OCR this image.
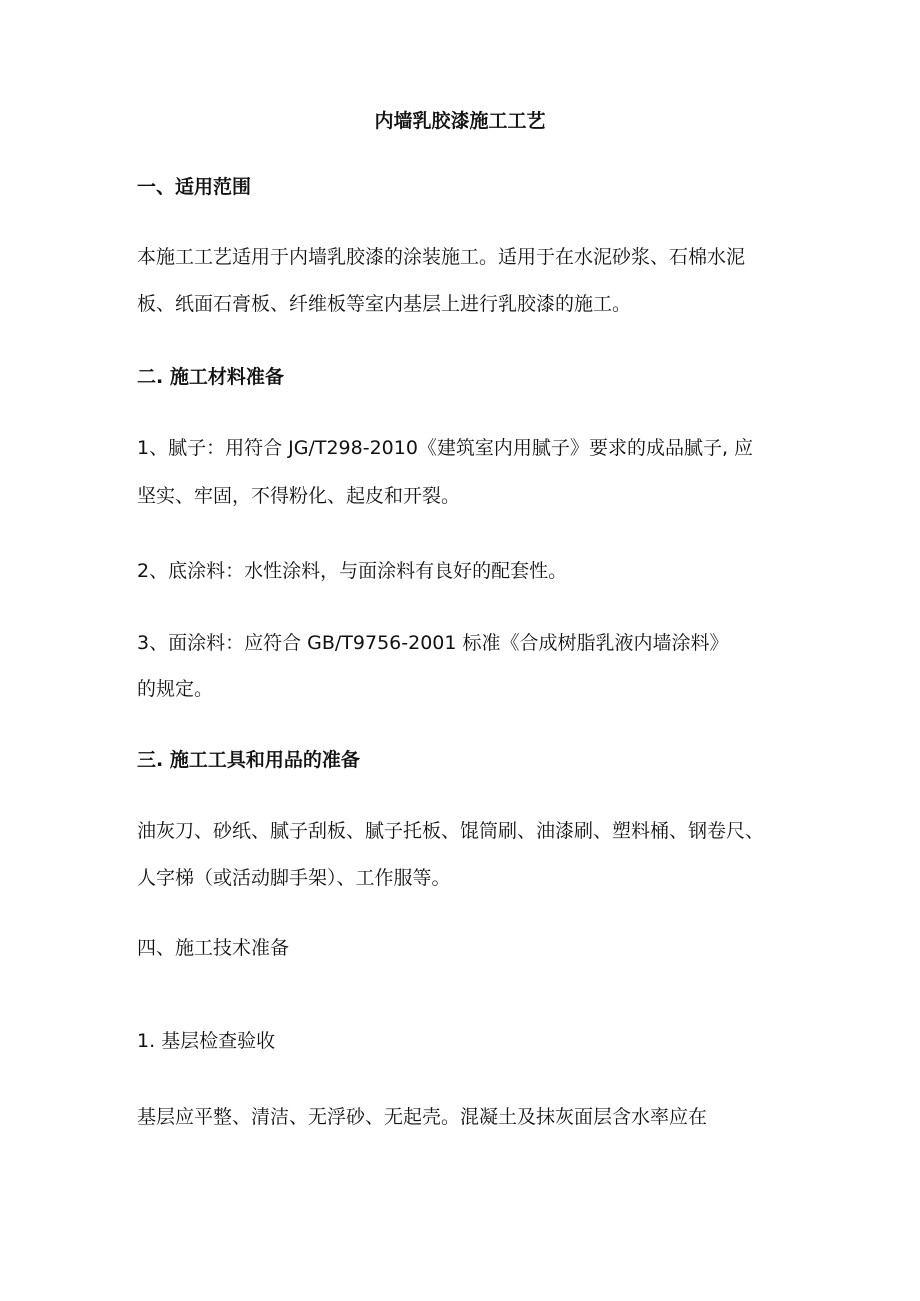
内墙乳胶漆施工工艺
一、适用范围
本施工工艺适用于内墙乳胶漆的涂装施工。适用于在水泥砂浆、石棉水泥
板、纸面石膏板、纤维板等室内基层上进行乳胶漆的施工。
二. 施工材料准备
1、腻子：用符合 JG/T298-2010《建筑室内用腻子》要求的成品腻子, 应
坚实、牢固，不得粉化、起皮和开裂。
2、底涂料：水性涂料，与面涂料有良好的配套性。
3、面涂料：应符合 GB/T9756-2001 标准《合成树脂乳液内墙涂料》
的规定。
三. 施工工具和用品的准备
油灰刀、砂纸、腻子刮板、腻子托板、馄筒刷、油漆刷、塑料桶、钢卷尺、
人字梯（或活动脚手架）、工作服等。
四、施工技术准备
1. 基层检查验收
基层应平整、清洁、无浮砂、无起壳。混凝土及抹灰面层含水率应在
